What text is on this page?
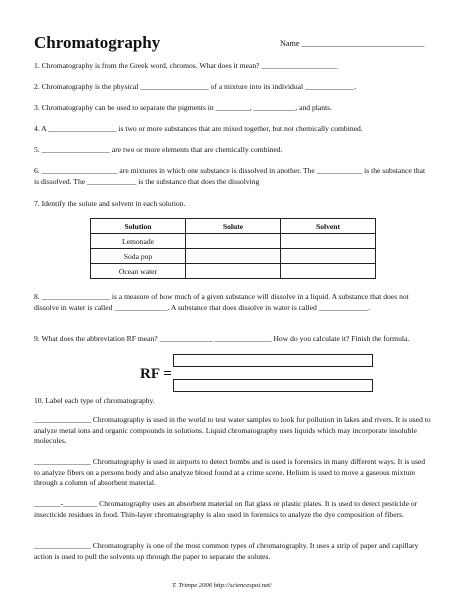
Chromatography	Name ______________________________
1. Chromatography is from the Greek word, chromos. What does it mean? ____________________
2. Chromatography is the physical __________________ of a mixture into its individual _____________.
3. Chromatography can be used to separate the pigments in _________, ___________, and plants.
4. A __________________ is two or more substances that are mixed together, but not chemically combined.
5. __________________ are two or more elements that are chemically combined.
6. ____________________ are mixtures in which one substance is dissolved in another. The ____________ is the substance that is dissolved. The _____________ is the substance that does the dissolving
7. Identify the solute and solvent in each solution.
Solution	Solute	Solvent
Lemonade		
Soda pop		
Ocean water		
8. __________________ is a measure of how much of a given substance will dissolve in a liquid. A substance that does not dissolve in water is called ______________. A substance that does dissolve in water is called _____________.
9. What does the abbreviation RF mean? ______________ _______________ How do you calculate it? Finish the formula.
RF =
10. Label each type of chromatography.
_______________ Chromatography is used in the world to test water samples to look for pollution in lakes and rivers. It is used to analyze metal ions and organic compounds in solutions. Liquid chromatography uses liquids which may incorporate insoluble molecules.
_______________ Chromatography is used in airports to detect bombs and is used is forensics in many different ways. It is used to analyze fibers on a persons body and also analyze blood found at a crime scene. Helium is used to move a gaseous mixture through a column of absorbent material.
_______-_________ Chromatography uses an absorbent material on flat glass or plastic plates. It is used to detect pesticide or insecticide residues in food. Thin-layer chromatography is also used in forensics to analyze the dye composition of fibers.
_______________ Chromatography is one of the most common types of chromatography. It uses a strip of paper and capillary action is used to pull the solvents up through the paper to separate the solutes.
T. Trimpe 2006 http://sciencespot.net/
